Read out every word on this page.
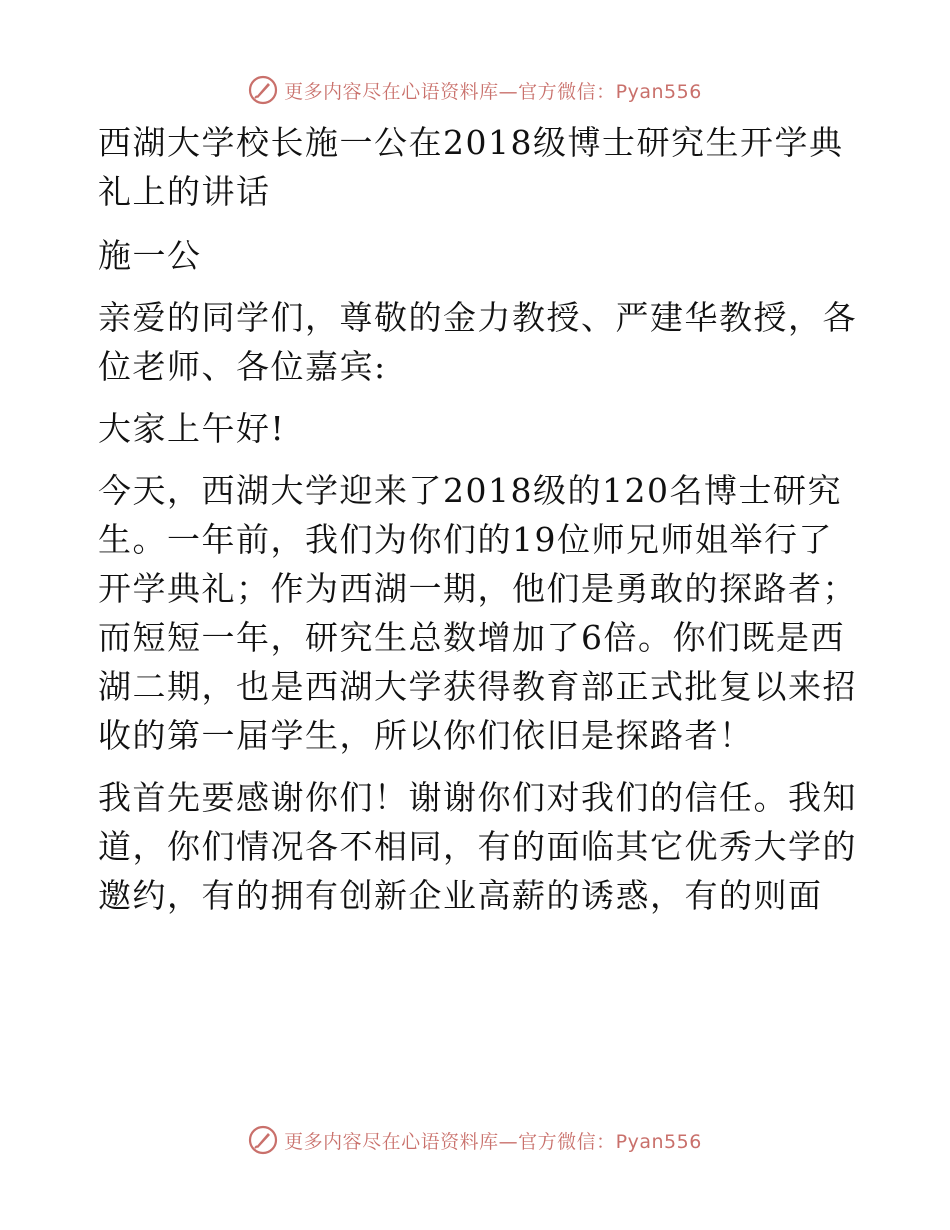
更多内容尽在心语资料库—官方微信：Pyan556

西湖大学校长施一公在2018级博士研究生开学典礼上的讲话

施一公

亲爱的同学们，尊敬的金力教授、严建华教授，各位老师、各位嘉宾:

大家上午好!

今天，西湖大学迎来了2018级的120名博士研究生。一年前，我们为你们的19位师兄师姐举行了开学典礼；作为西湖一期，他们是勇敢的探路者；而短短一年，研究生总数增加了6倍。你们既是西湖二期，也是西湖大学获得教育部正式批复以来招收的第一届学生，所以你们依旧是探路者！

我首先要感谢你们！谢谢你们对我们的信任。我知道，你们情况各不相同，有的面临其它优秀大学的邀约，有的拥有创新企业高薪的诱惑，有的则面

更多内容尽在心语资料库—官方微信：Pyan556
